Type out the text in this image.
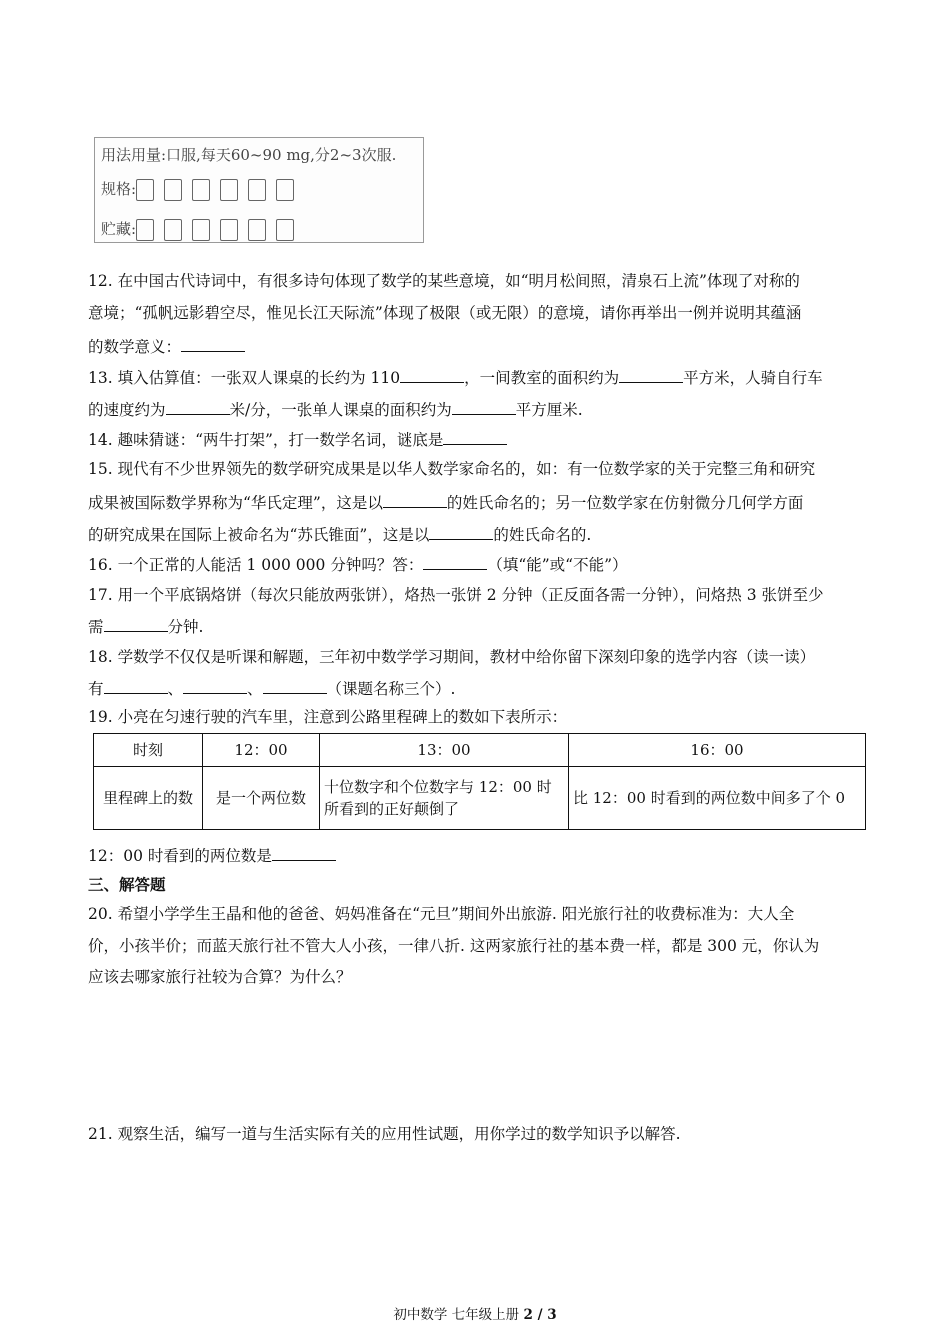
用法用量:口服,每天60~90 mg,分2~3次服.
规格:
贮藏:
12. 在中国古代诗词中，有很多诗句体现了数学的某些意境，如“明月松间照，清泉石上流”体现了对称的
意境；“孤帆远影碧空尽，惟见长江天际流”体现了极限（或无限）的意境，请你再举出一例并说明其蕴涵
的数学意义：
13. 填入估算值：一张双人课桌的长约为 110	，一间教室的面积约为	平方米，人骑自行车
的速度约为	米/分，一张单人课桌的面积约为	平方厘米.
14. 趣味猜谜：“两牛打架”，打一数学名词，谜底是
15. 现代有不少世界领先的数学研究成果是以华人数学家命名的，如：有一位数学家的关于完整三角和研究
成果被国际数学界称为“华氏定理”，这是以	的姓氏命名的；另一位数学家在仿射微分几何学方面
的研究成果在国际上被命名为“苏氏锥面”，这是以	的姓氏命名的.
16. 一个正常的人能活 1 000 000 分钟吗？答：	（填“能”或“不能”）
17. 用一个平底锅烙饼（每次只能放两张饼），烙热一张饼 2 分钟（正反面各需一分钟），问烙热 3 张饼至少
需	分钟.
18. 学数学不仅仅是听课和解题，三年初中数学学习期间，教材中给你留下深刻印象的选学内容（读一读）
有	、	、	（课题名称三个）.
19. 小亮在匀速行驶的汽车里，注意到公路里程碑上的数如下表所示：
时刻	12：00	13：00	16：00
里程碑上的数	是一个两位数	十位数字和个位数字与 12：00 时所看到的正好颠倒了	比 12：00 时看到的两位数中间多了个 0
12：00 时看到的两位数是
三、解答题
20. 希望小学学生王晶和他的爸爸、妈妈准备在“元旦”期间外出旅游. 阳光旅行社的收费标准为：大人全
价，小孩半价；而蓝天旅行社不管大人小孩，一律八折. 这两家旅行社的基本费一样，都是 300 元，你认为
应该去哪家旅行社较为合算？为什么？
21. 观察生活，编写一道与生活实际有关的应用性试题，用你学过的数学知识予以解答.
初中数学 七年级上册 2 / 3
